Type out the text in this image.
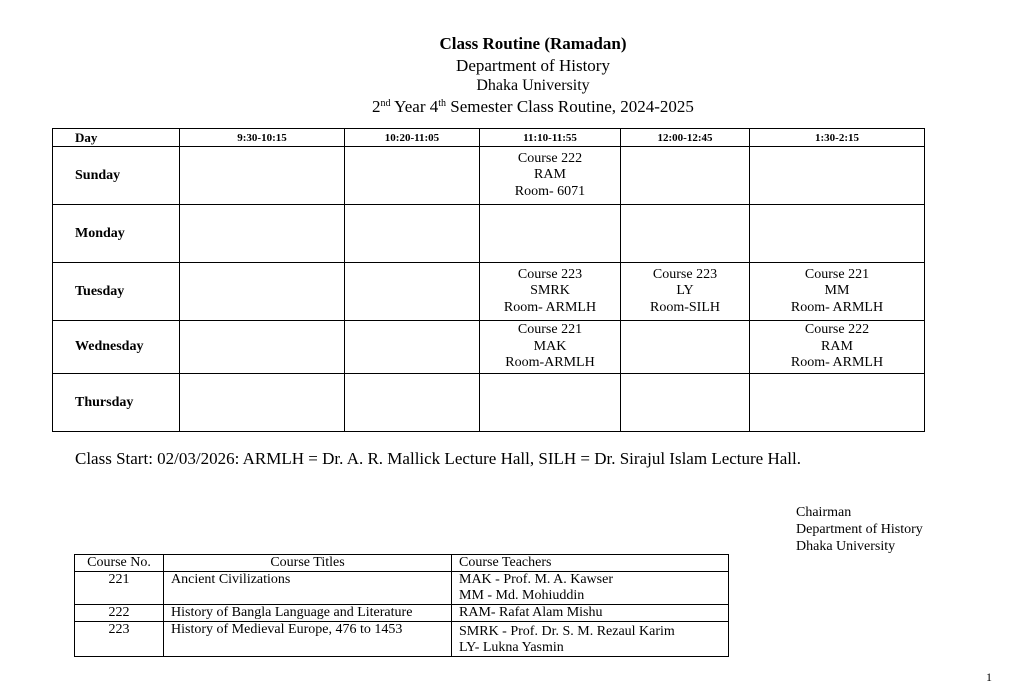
Class Routine (Ramadan)
Department of History
Dhaka University
2nd Year 4th Semester Class Routine, 2024-2025
Day	9:30-10:15	10:20-11:05	11:10-11:55	12:00-12:45	1:30-2:15
Sunday			Course 222
RAM
Room- 6071		

Monday					
Tuesday			Course 223
SMRK
Room- ARMLH	Course 223
LY
Room-SILH	Course 221
MM
Room- ARMLH

Wednesday			Course 221
MAK
Room-ARMLH		Course 222
RAM
Room- ARMLH

Thursday					
Class Start: 02/03/2026: ARMLH = Dr. A. R. Mallick Lecture Hall, SILH = Dr. Sirajul Islam Lecture Hall.
Chairman
Department of History
Dhaka University
Course No.	Course Titles	Course Teachers
221	Ancient Civilizations	MAK - Prof. M. A. Kawser
MM - Md. Mohiuddin

222	History of Bangla Language and Literature	RAM- Rafat Alam Mishu

223	History of Medieval Europe, 476 to 1453	SMRK - Prof. Dr. S. M. Rezaul Karim
LY- Lukna Yasmin
1
